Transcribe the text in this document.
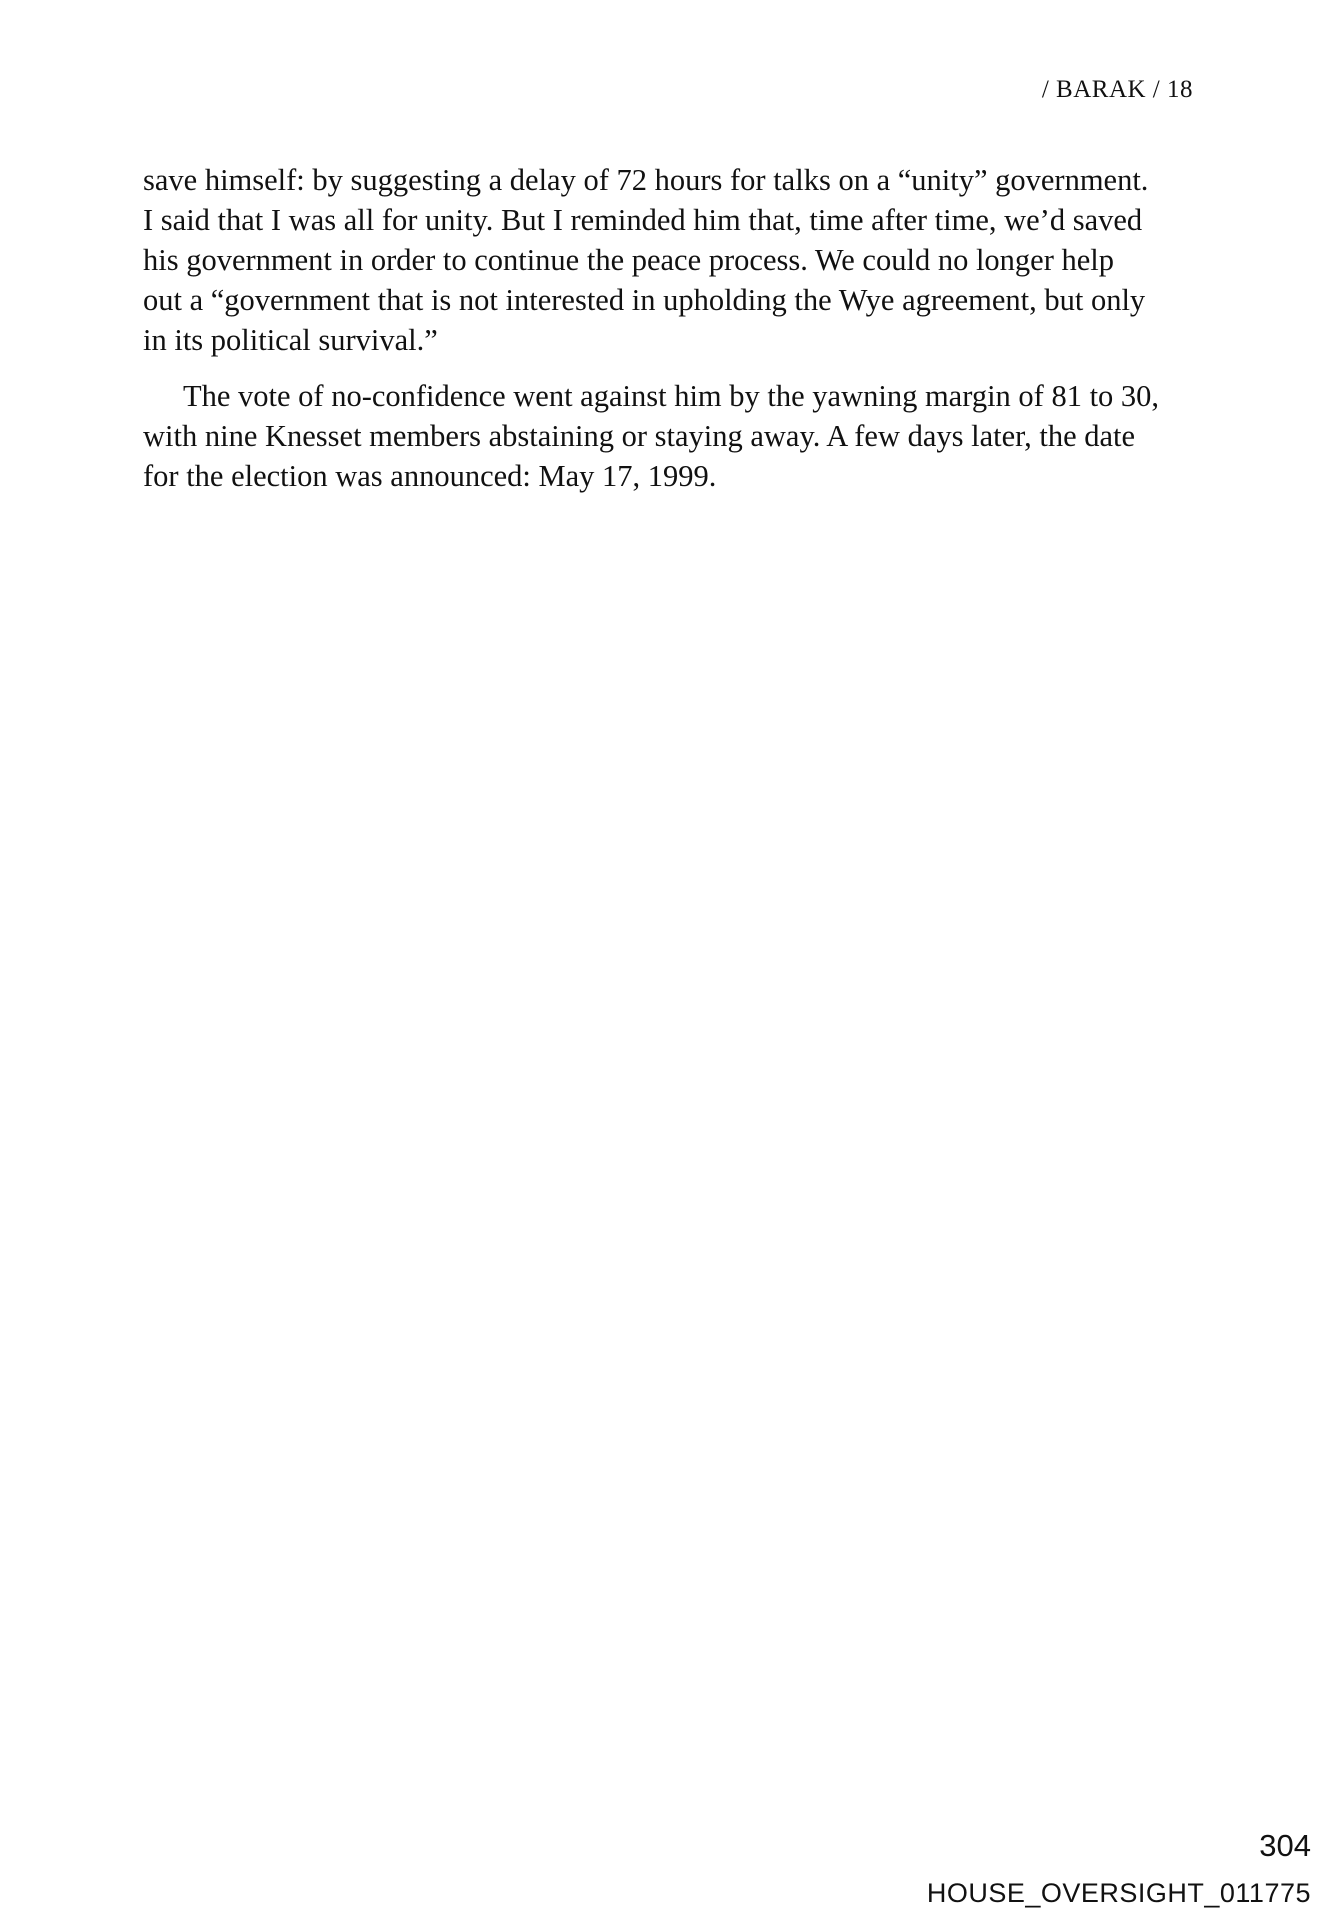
/ BARAK / 18

save himself: by suggesting a delay of 72 hours for talks on a “unity” government.
I said that I was all for unity. But I reminded him that, time after time, we’d saved
his government in order to continue the peace process. We could no longer help
out a “government that is not interested in upholding the Wye agreement, but only
in its political survival.”

The vote of no-confidence went against him by the yawning margin of 81 to 30,
with nine Knesset members abstaining or staying away. A few days later, the date
for the election was announced: May 17, 1999.

304
HOUSE_OVERSIGHT_011775
